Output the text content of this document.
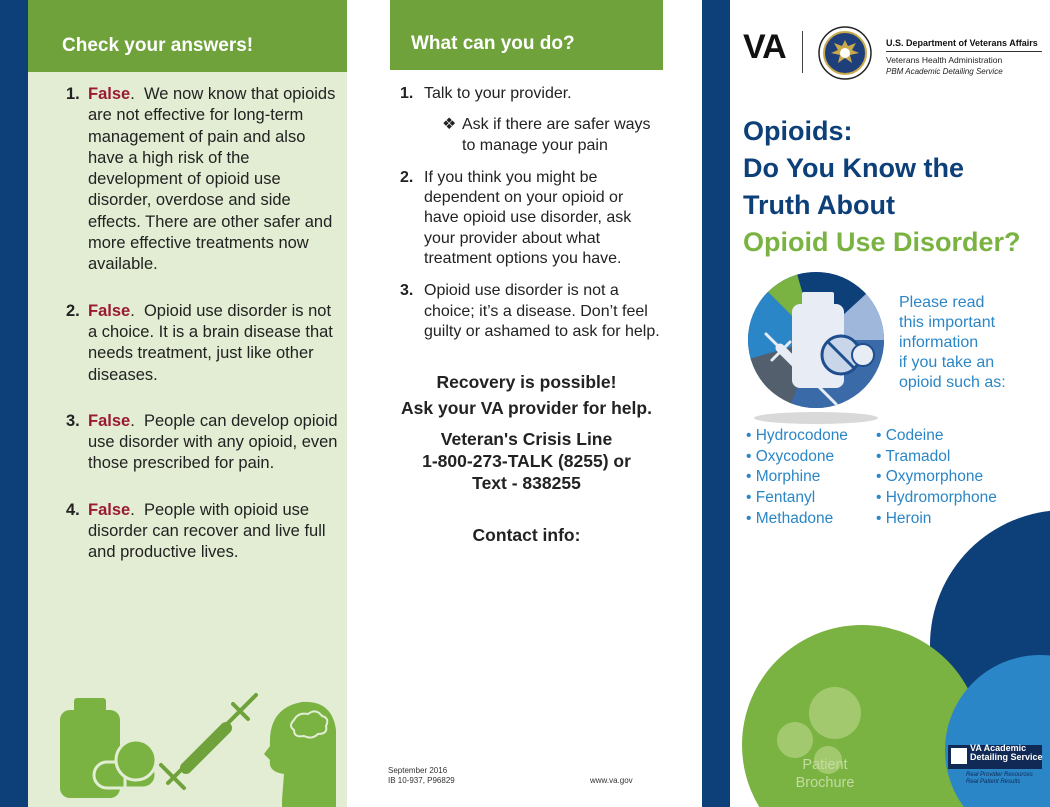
Check your answers!
1. False.  We now know that opioids are not effective for long-term management of pain and also have a high risk of the development of opioid use disorder, overdose and side effects. There are other safer and more effective treatments now available.
2. False.  Opioid use disorder is not a choice. It is a brain disease that needs treatment, just like other diseases.
3. False.  People can develop opioid use disorder with any opioid, even those prescribed for pain.
4. False.  People with opioid use disorder can recover and live full and productive lives.
What can you do?
1. Talk to your provider.
❖ Ask if there are safer ways to manage your pain
2. If you think you might be dependent on your opioid or have opioid use disorder, ask your provider about what treatment options you have.
3. Opioid use disorder is not a choice; it’s a disease. Don’t feel guilty or ashamed to ask for help.
Recovery is possible!
Ask your VA provider for help.
Veteran's Crisis Line
1-800-273-TALK (8255) or
Text - 838255
Contact info:
September 2016
IB 10-937, P96829	www.va.gov
VA	U.S. Department of Veterans Affairs
Veterans Health Administration
PBM Academic Detailing Service
Opioids:
Do You Know the
Truth About
Opioid Use Disorder?
Please read
this important
information
if you take an
opioid such as:
• Hydrocodone
• Oxycodone
• Morphine
• Fentanyl
• Methadone
• Codeine
• Tramadol
• Oxymorphone
• Hydromorphone
• Heroin
Patient
Brochure
VA Academic
Detailing Service
Real Provider Resources
Real Patient Results
